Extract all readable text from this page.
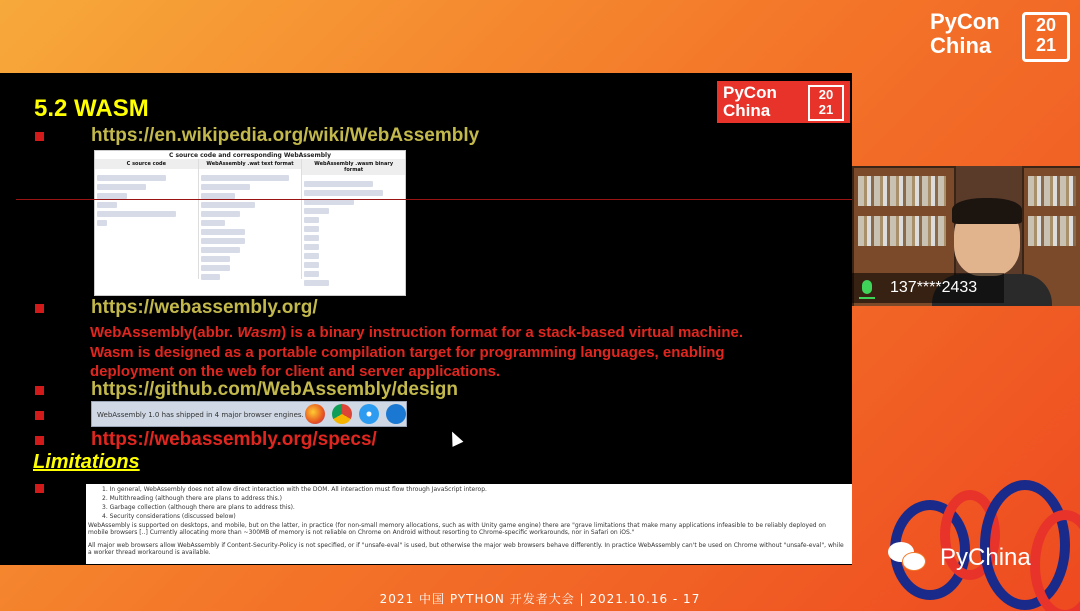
PyCon
China
20 21
5.2 WASM
PyCon
China
20 21
https://en.wikipedia.org/wiki/WebAssembly
C source code and corresponding WebAssembly
C source code	WebAssembly .wat text format	WebAssembly .wasm binary format
https://webassembly.org/
WebAssembly(abbr. Wasm) is a binary instruction format for a stack-based virtual machine.
Wasm is designed as a portable compilation target for programming languages, enabling
deployment on the web for client and server applications.
https://github.com/WebAssembly/design
WebAssembly 1.0 has shipped in 4 major browser engines.
https://webassembly.org/specs/
Limitations
1. In general, WebAssembly does not allow direct interaction with the DOM. All interaction must flow through JavaScript interop.
2. Multithreading (although there are plans to address this.)
3. Garbage collection (although there are plans to address this).
4. Security considerations (discussed below)
WebAssembly is supported on desktops, and mobile, but on the latter, in practice (for non-small memory allocations, such as with Unity game engine) there are "grave limitations that make many applications infeasible to be reliably deployed on mobile browsers [..] Currently allocating more than ~300MB of memory is not reliable on Chrome on Android without resorting to Chrome-specific workarounds, nor in Safari on iOS."
All major web browsers allow WebAssembly if Content-Security-Policy is not specified, or if "unsafe-eval" is used, but otherwise the major web browsers behave differently. In practice WebAssembly can't be used on Chrome without "unsafe-eval", while a worker thread workaround is available.
137****2433
PyChina
2021 中国 PYTHON 开发者大会 | 2021.10.16 - 17
